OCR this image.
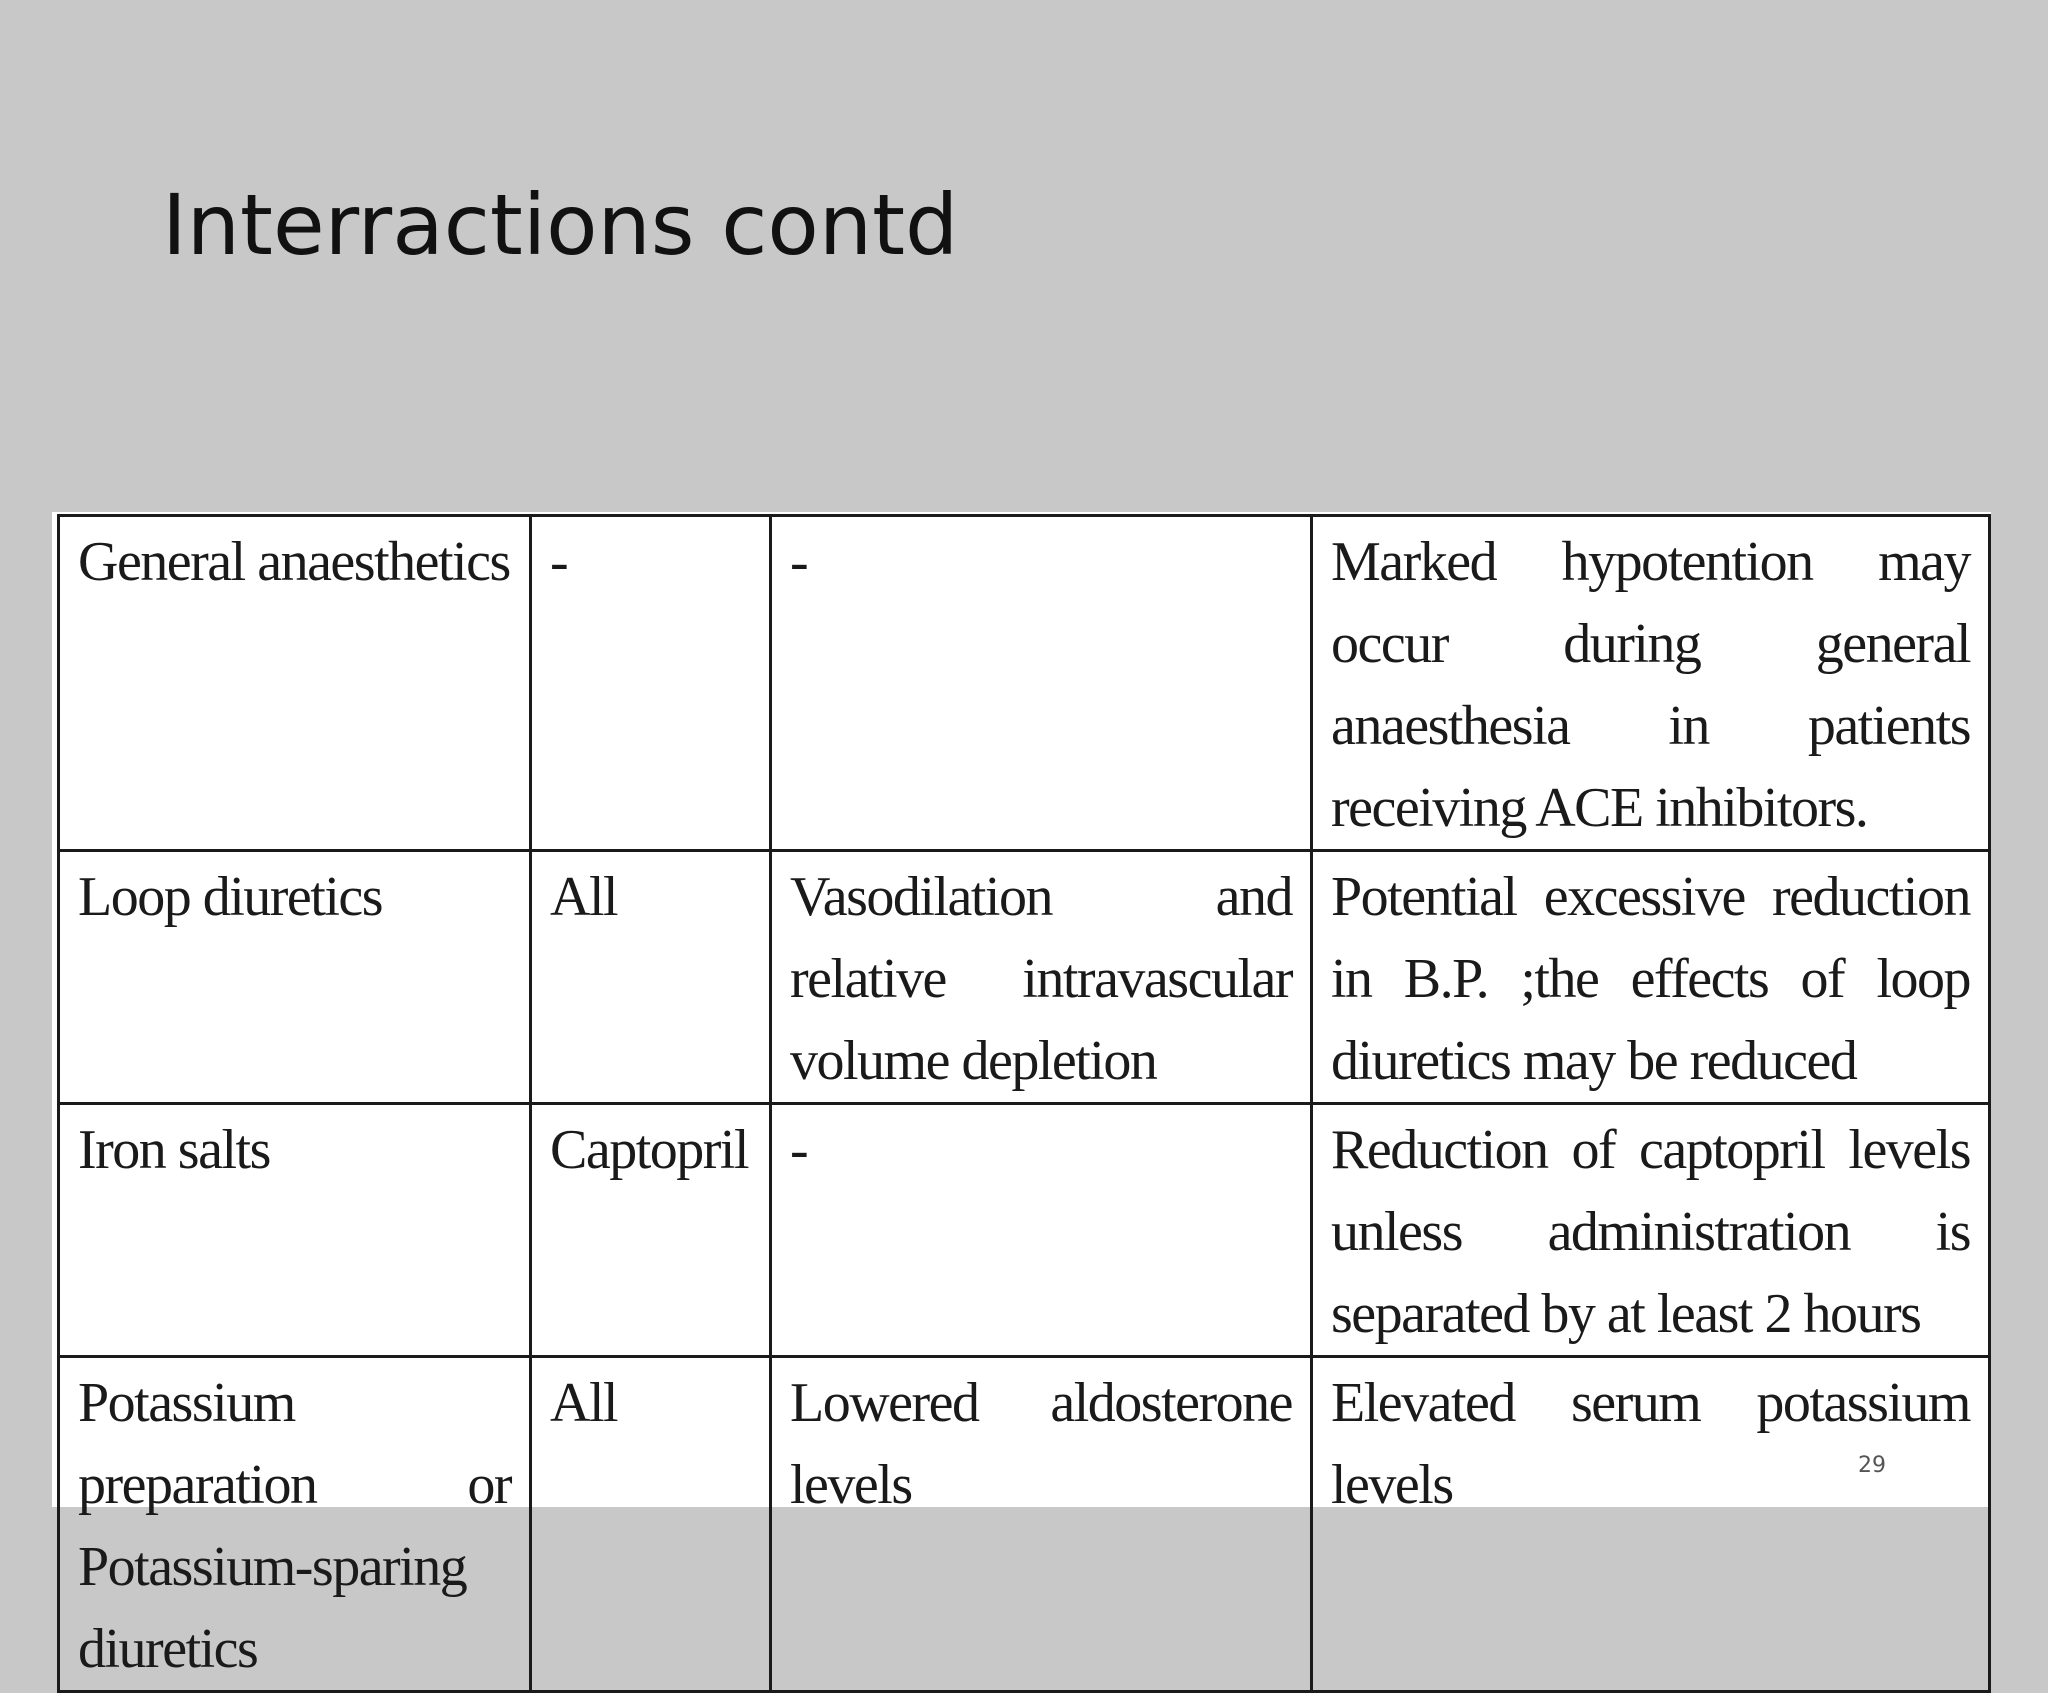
Interractions contd
General anaesthetics	-	-	Marked hypotention may occur during general anaesthesia in patients receiving ACE inhibitors.

Loop diuretics	All	Vasodilation and relative intravascular volume depletion	Potential excessive reduction in B.P. ;the effects of loop diuretics may be reduced

Iron salts	Captopril	-	Reduction of captopril levels unless administration is separated by at least 2 hours

Potassium preparation or Potassium-sparing diuretics	All	Lowered aldosterone levels	Elevated serum potassium levels	29
